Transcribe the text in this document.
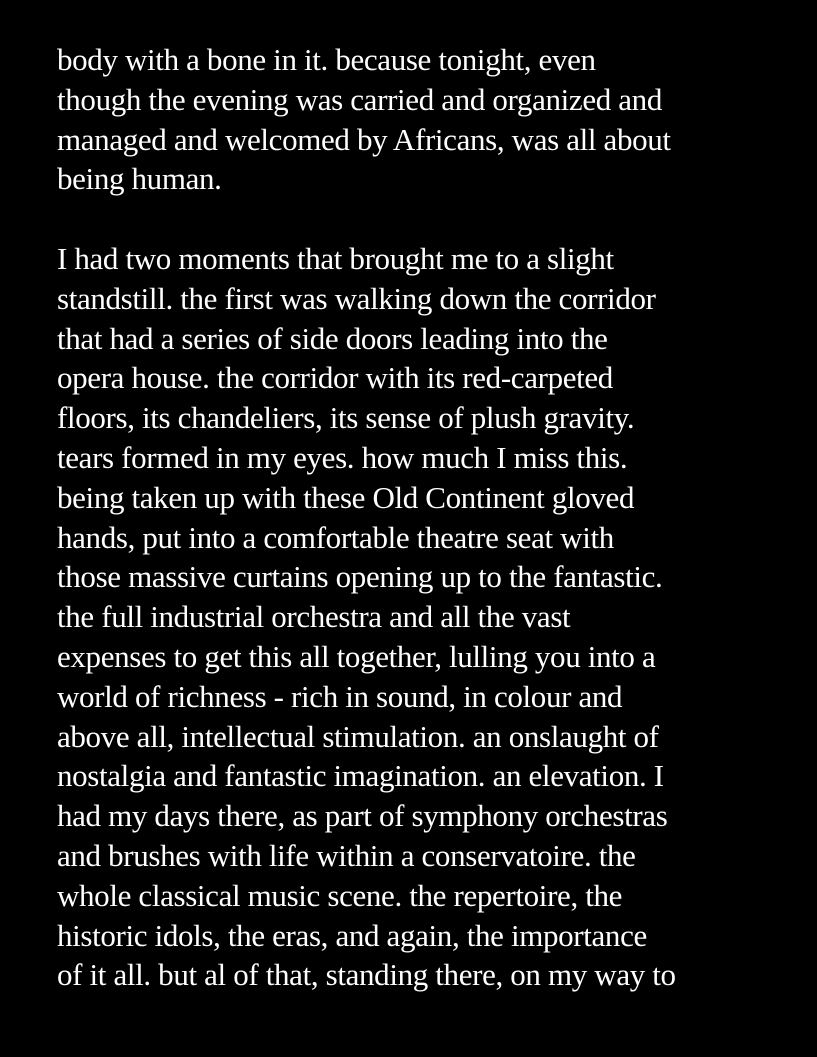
body with a bone in it. because tonight, even
though the evening was carried and organized and
managed and welcomed by Africans, was all about
being human.
I had two moments that brought me to a slight
standstill. the first was walking down the corridor
that had a series of side doors leading into the
opera house. the corridor with its red-carpeted
floors, its chandeliers, its sense of plush gravity.
tears formed in my eyes. how much I miss this.
being taken up with these Old Continent gloved
hands, put into a comfortable theatre seat with
those massive curtains opening up to the fantastic.
the full industrial orchestra and all the vast
expenses to get this all together, lulling you into a
world of richness - rich in sound, in colour and
above all, intellectual stimulation. an onslaught of
nostalgia and fantastic imagination. an elevation. I
had my days there, as part of symphony orchestras
and brushes with life within a conservatoire. the
whole classical music scene. the repertoire, the
historic idols, the eras, and again, the importance
of it all. but al of that, standing there, on my way to
